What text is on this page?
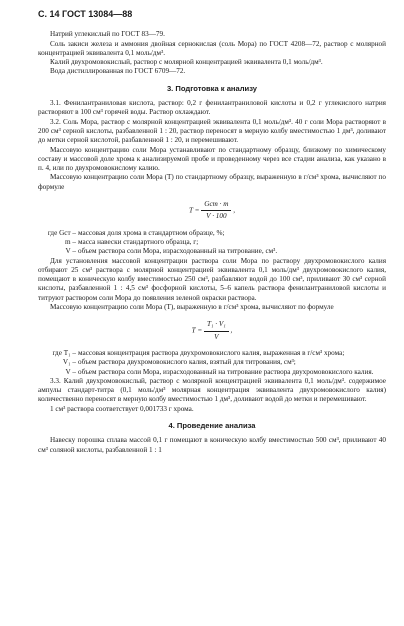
С. 14 ГОСТ 13084—88

Натрий углекислый по ГОСТ 83—79.

Соль закиси железа и аммония двойная сернокислая (соль Мора) по ГОСТ 4208—72, раствор с молярной концентрацией эквивалента 0,1 моль/дм³.

Калий двухромовокислый, раствор с молярной концентрацией эквивалента 0,1 моль/дм³.

Вода дистиллированная по ГОСТ 6709—72.

3. Подготовка к анализу

3.1. Фенилантраниловая кислота, раствор: 0,2 г фенилантраниловой кислоты и 0,2 г углекислого натрия растворяют в 100 см³ горячей воды. Раствор охлаждают.

3.2. Соль Мора, раствор с молярной концентрацией эквивалента 0,1 моль/дм³. 40 г соли Мора растворяют в 200 см³ серной кислоты, разбавленной 1 : 20, раствор переносят в мерную колбу вместимостью 1 дм³, доливают до метки серной кислотой, разбавленной 1 : 20, и перемешивают.

Массовую концентрацию соли Мора устанавливают по стандартному образцу, близкому по химическому составу и массовой доле хрома к анализируемой пробе и проведенному через все стадии анализа, как указано в п. 4, или по двухромовокислому калию.

Массовую концентрацию соли Мора (T) по стандартному образцу, выраженную в г/см³ хрома, вычисляют по формуле

$T = \frac{\text{Gст · m}}{V \cdot 100}$ ,
где Gст – массовая доля хрома в стандартном образце, %;
m – масса навески стандартного образца, г;
V – объем раствора соли Мора, израсходованный на титрование, см³.

Для установления массовой концентрации раствора соли Мора по раствору двухромовокислого калия отбирают 25 см³ раствора с молярной концентрацией эквивалента 0,1 моль/дм³ двухромовокислого калия, помещают в коническую колбу вместимостью 250 см³, разбавляют водой до 100 см³, приливают 30 см³ серной кислоты, разбавленной 1 : 4,5 см³ фосфорной кислоты, 5–6 капель раствора фенилантраниловой кислоты и титруют раствором соли Мора до появления зеленой окраски раствора.

Массовую концентрацию соли Мора (T), выраженную в г/см³ хрома, вычисляют по формуле

$T = \frac{\text{T₁ · V₁}}{V}$ ,
где T₁ – массовая концентрация раствора двухромовокислого калия, выраженная в г/см³ хрома;
V₁ – объем раствора двухромовокислого калия, взятый для титрования, см³;
V – объем раствора соли Мора, израсходованный на титрование раствора двухромовокислого калия.

3.3. Калий двухромовокислый, раствор с молярной концентрацией эквивалента 0,1 моль/дм³. содержимое ампулы стандарт-титра (0,1 моль/дм³ молярная концентрация эквивалента двухромовокислого калия) количественно переносят в мерную колбу вместимостью 1 дм³, доливают водой до метки и перемешивают.

1 см³ раствора соответствует 0,001733 г хрома.

4. Проведение анализа

Навеску порошка сплава массой 0,1 г помещают в коническую колбу вместимостью 500 см³, приливают 40 см³ соляной кислоты, разбавленной 1 : 1
